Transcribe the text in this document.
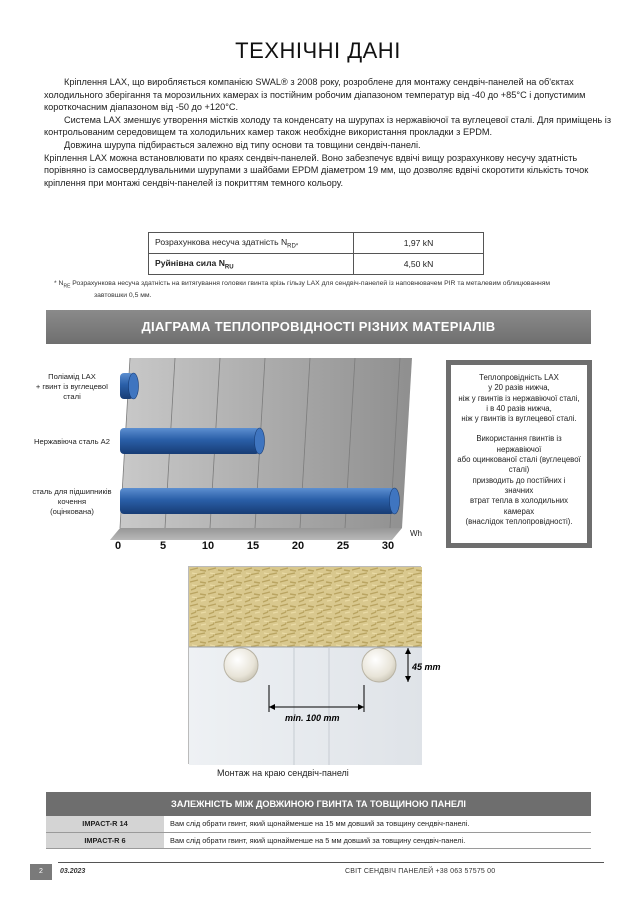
ТЕХНІЧНІ ДАНІ

Кріплення LAX, що виробляється компанією SWAL® з 2008 року, розроблене для монтажу сендвіч-панелей на об'єктах холодильного зберігання та морозильних камерах із постійним робочим діапазоном температур від -40 до +85°C і допустимим короткочасним діапазоном від -50 до +120°C.

Система LAX зменшує утворення містків холоду та конденсату на шурупах із нержавіючої та вуглецевої сталі. Для приміщень із контрольованим середовищем та холодильних камер також необхідне використання прокладки з EPDM.

Довжина шурупа підбирається залежно від типу основи та товщини сендвіч-панелі.

Кріплення LAX можна встановлювати по краях сендвіч-панелей. Воно забезпечує вдвічі вищу розрахункову несучу здатність порівняно із самосвердлувальними шурупами з шайбами EPDM діаметром 19 мм, що дозволяє вдвічі скоротити кількість точок кріплення при монтажі сендвіч-панелей із покриттям темного кольору.

Розрахункова несуча здатність $N_{RD*}$	1,97 kN
Руйнівна сила $N_{RU}$	4,50 kN
* $N_{RE}$ Розрахункова несуча здатність на витягування головки гвинта крізь гільзу LAX для сендвіч-панелей із наповнювачем PIR та металевим облицюванням
завтовшки 0,5 мм.
ДІАГРАМА ТЕПЛОПРОВІДНОСТІ РІЗНИХ МАТЕРІАЛІВ
Поліамід LAX
+ гвинт із вуглецевої
сталі
Нержавіюча сталь А2
сталь для підшипників
кочення
(оцінкована)
0	5	10	15	20	25	30
Wh

Теплопровідність LAX

у 20 разів нижча,

ніж у гвинтів із нержавіючої сталі,

і в 40 разів нижча,

ніж у гвинтів із вуглецевої сталі.

Використання гвинтів із

нержавіючої

або оцинкованої сталі (вуглецевої

сталі)

призводить до постійних і

значних

втрат тепла в холодильних

камерах

(внаслідок теплопровідності).

45 mm
min. 100 mm
Монтаж на краю сендвіч-панелі
ЗАЛЕЖНІСТЬ МІЖ ДОВЖИНОЮ ГВИНТА ТА ТОВЩИНОЮ ПАНЕЛІ	
IMPACT-R 14	Вам слід обрати гвинт, який щонайменше на 15 мм довший за товщину сендвіч-панелі.
IMPACT-R 6	Вам слід обрати гвинт, який щонайменше на 5 мм довший за товщину сендвіч-панелі.
2	03.2023	СВІТ СЕНДВІЧ ПАНЕЛЕЙ +38 063 57575 00
